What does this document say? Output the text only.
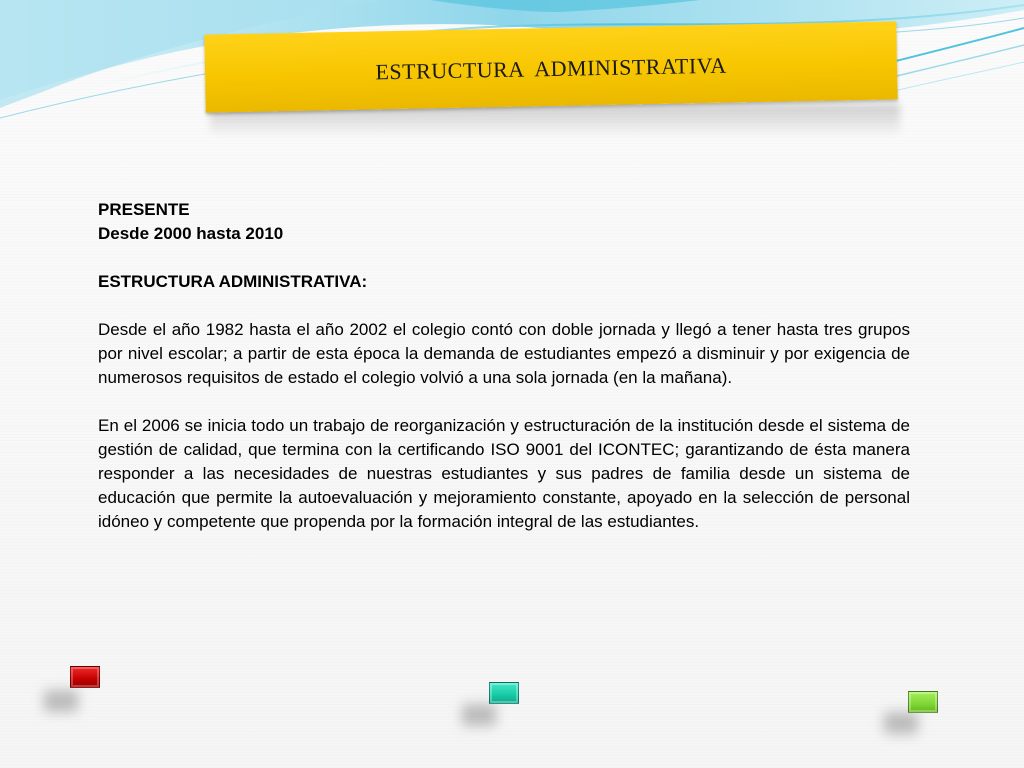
ESTRUCTURA  ADMINISTRATIVA
PRESENTE
Desde 2000 hasta 2010
ESTRUCTURA ADMINISTRATIVA:

Desde el año 1982 hasta el año 2002 el colegio contó con doble jornada y llegó a tener hasta tres grupos por nivel escolar; a partir de esta época la demanda de estudiantes empezó a disminuir y por exigencia de numerosos requisitos de estado el colegio volvió a una sola jornada (en la mañana).

En el 2006 se inicia todo un trabajo de reorganización y estructuración de la institución desde el sistema de gestión de calidad, que termina con la certificando ISO 9001 del ICONTEC; garantizando de ésta manera responder a las necesidades de nuestras estudiantes y sus padres de familia desde un sistema de educación que permite la autoevaluación y mejoramiento constante, apoyado en la selección de personal idóneo y competente que propenda por la formación integral de las estudiantes.
